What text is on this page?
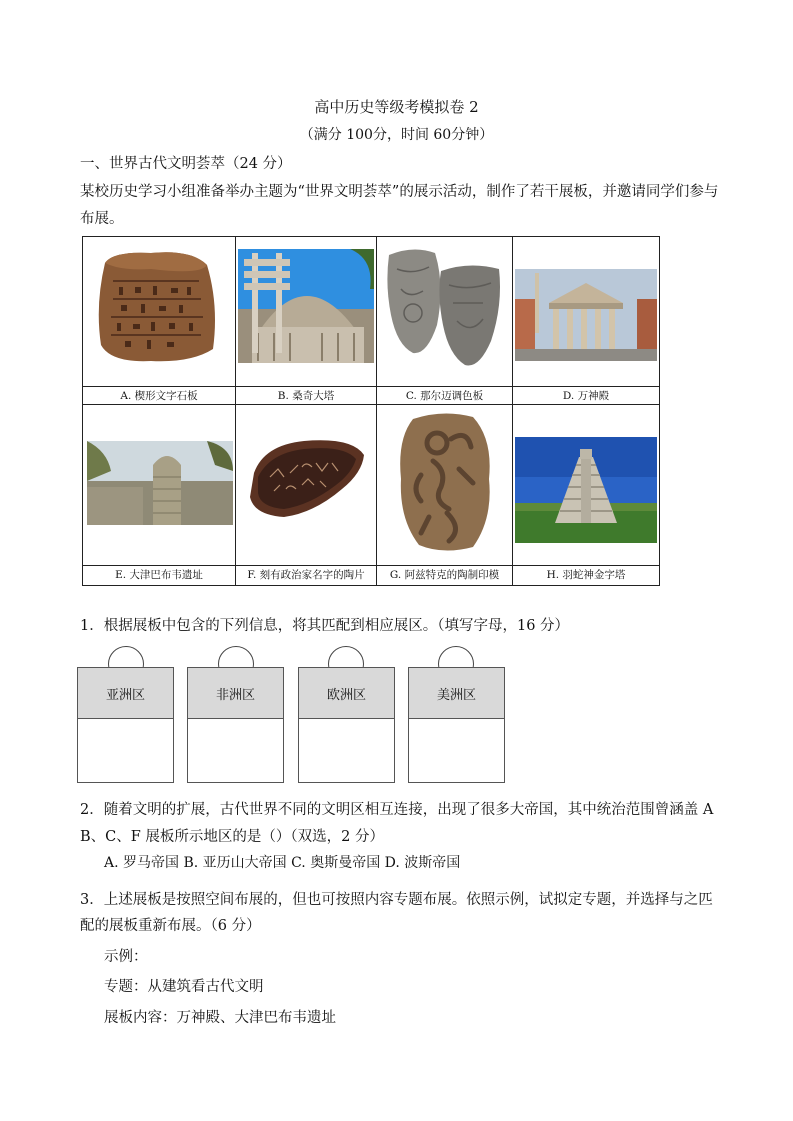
高中历史等级考模拟卷 2
（满分 100分，时间 60分钟）
一、世界古代文明荟萃（24 分）
某校历史学习小组准备举办主题为“世界文明荟萃”的展示活动，制作了若干展板，并邀请同学们参与布展。
A. 楔形文字石板	B. 桑奇大塔	C. 那尔迈调色板	D. 万神殿
E. 大津巴布韦遗址	F. 刻有政治家名字的陶片	G. 阿兹特克的陶制印模	H. 羽蛇神金字塔
1．根据展板中包含的下列信息，将其匹配到相应展区。（填写字母，16 分）
亚洲区	非洲区	欧洲区	美洲区
2．随着文明的扩展，古代世界不同的文明区相互连接，出现了很多大帝国，其中统治范围曾涵盖 A
B、C、F 展板所示地区的是（）（双选，2 分）
A. 罗马帝国 B. 亚历山大帝国 C. 奥斯曼帝国 D. 波斯帝国
3．上述展板是按照空间布展的，但也可按照内容专题布展。依照示例，试拟定专题，并选择与之匹
配的展板重新布展。（6 分）
示例：
专题：从建筑看古代文明
展板内容：万神殿、大津巴布韦遗址
